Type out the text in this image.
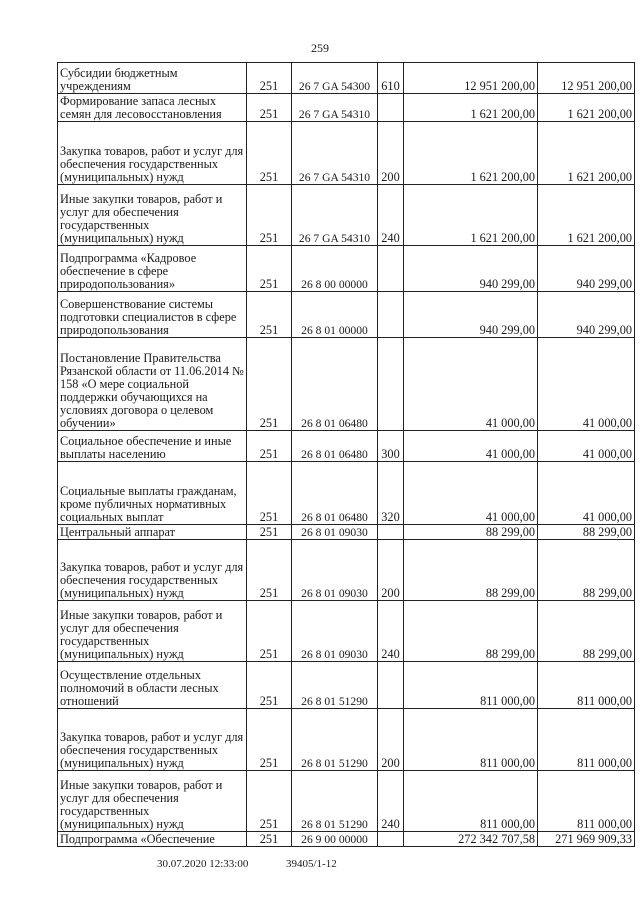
259
Субсидии бюджетным учреждениям	251	26 7 GA 54300	610	12 951 200,00	12 951 200,00
Формирование запаса лесных семян для лесовосстановления	251	26 7 GA 54310		1 621 200,00	1 621 200,00
Закупка товаров, работ и услуг для обеспечения государственных (муниципальных) нужд	251	26 7 GA 54310	200	1 621 200,00	1 621 200,00
Иные закупки товаров, работ и услуг для обеспечения государственных (муниципальных) нужд	251	26 7 GA 54310	240	1 621 200,00	1 621 200,00
Подпрограмма «Кадровое обеспечение в сфере природопользования»	251	26 8 00 00000		940 299,00	940 299,00
Совершенствование системы подготовки специалистов в сфере природопользования	251	26 8 01 00000		940 299,00	940 299,00
Постановление Правительства Рязанской области от 11.06.2014 № 158 «О мере социальной поддержки обучающихся на условиях договора о целевом обучении»	251	26 8 01 06480		41 000,00	41 000,00
Социальное обеспечение и иные выплаты населению	251	26 8 01 06480	300	41 000,00	41 000,00
Социальные выплаты гражданам, кроме публичных нормативных социальных выплат	251	26 8 01 06480	320	41 000,00	41 000,00
Центральный аппарат	251	26 8 01 09030		88 299,00	88 299,00
Закупка товаров, работ и услуг для обеспечения государственных (муниципальных) нужд	251	26 8 01 09030	200	88 299,00	88 299,00
Иные закупки товаров, работ и услуг для обеспечения государственных (муниципальных) нужд	251	26 8 01 09030	240	88 299,00	88 299,00
Осуществление отдельных полномочий в области лесных отношений	251	26 8 01 51290		811 000,00	811 000,00
Закупка товаров, работ и услуг для обеспечения государственных (муниципальных) нужд	251	26 8 01 51290	200	811 000,00	811 000,00
Иные закупки товаров, работ и услуг для обеспечения государственных (муниципальных) нужд	251	26 8 01 51290	240	811 000,00	811 000,00
Подпрограмма «Обеспечение	251	26 9 00 00000		272 342 707,58	271 969 909,33
30.07.2020 12:33:00	39405/1-12
